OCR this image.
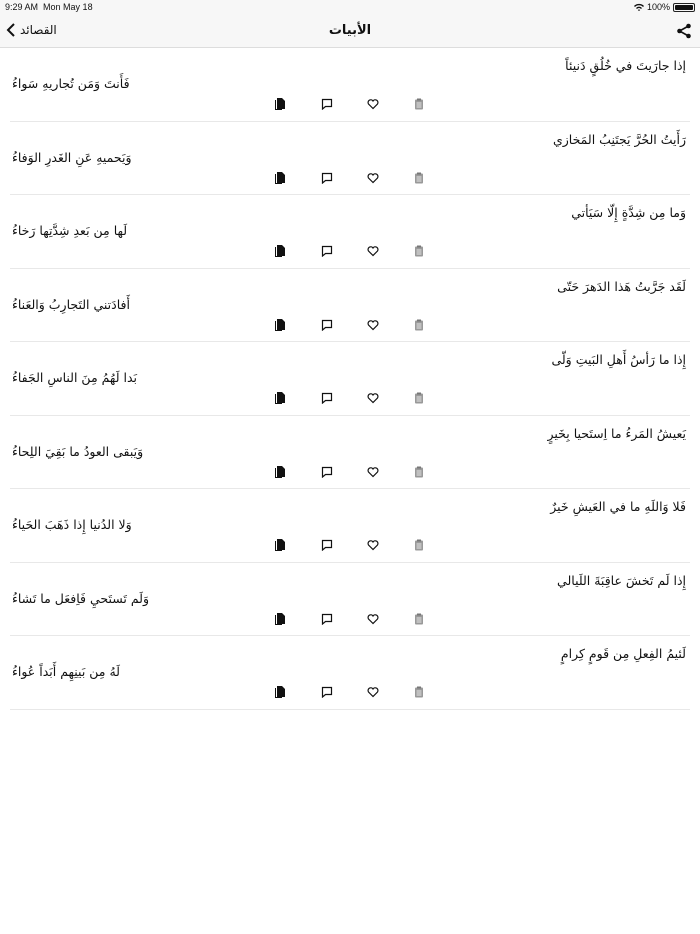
9:29 AM Mon May 18	100%
القصائد	الأبيات
إذا جارَيتَ في خُلُقٍ دَنيئاً
فَأَنتَ وَمَن تُجاريهِ سَواءُ
رَأَيتُ الحُرَّ يَجتَنِبُ المَخازي
وَيَحميهِ عَنِ الغَدرِ الوَفاءُ
وَما مِن شِدَّةٍ إِلّا سَيَأتي
لَها مِن بَعدِ شِدَّتِها رَخاءُ
لَقَد جَرَّبتُ هَذا الدَهرَ حَتّى
أَفادَتني التَجارِبُ وَالعَناءُ
إِذا ما رَأسُ أَهلِ البَيتِ وَلّى
بَدا لَهُمُ مِنَ الناسِ الجَفاءُ
يَعيشُ المَرءُ ما اِستَحيا بِخَيرٍ
وَيَبقى العودُ ما بَقِيَ اللِحاءُ
فَلا وَاللَهِ ما في العَيشِ خَيرٌ
وَلا الدُنيا إِذا ذَهَبَ الحَياءُ
إِذا لَم تَخشَ عاقِبَةَ اللَيالي
وَلَم تَستَحيِ فَاِفعَل ما تَشاءُ
لَئيمُ الفِعلِ مِن قَومٍ كِرامٍ
لَهُ مِن بَينِهِم أَبَداً عُواءُ
